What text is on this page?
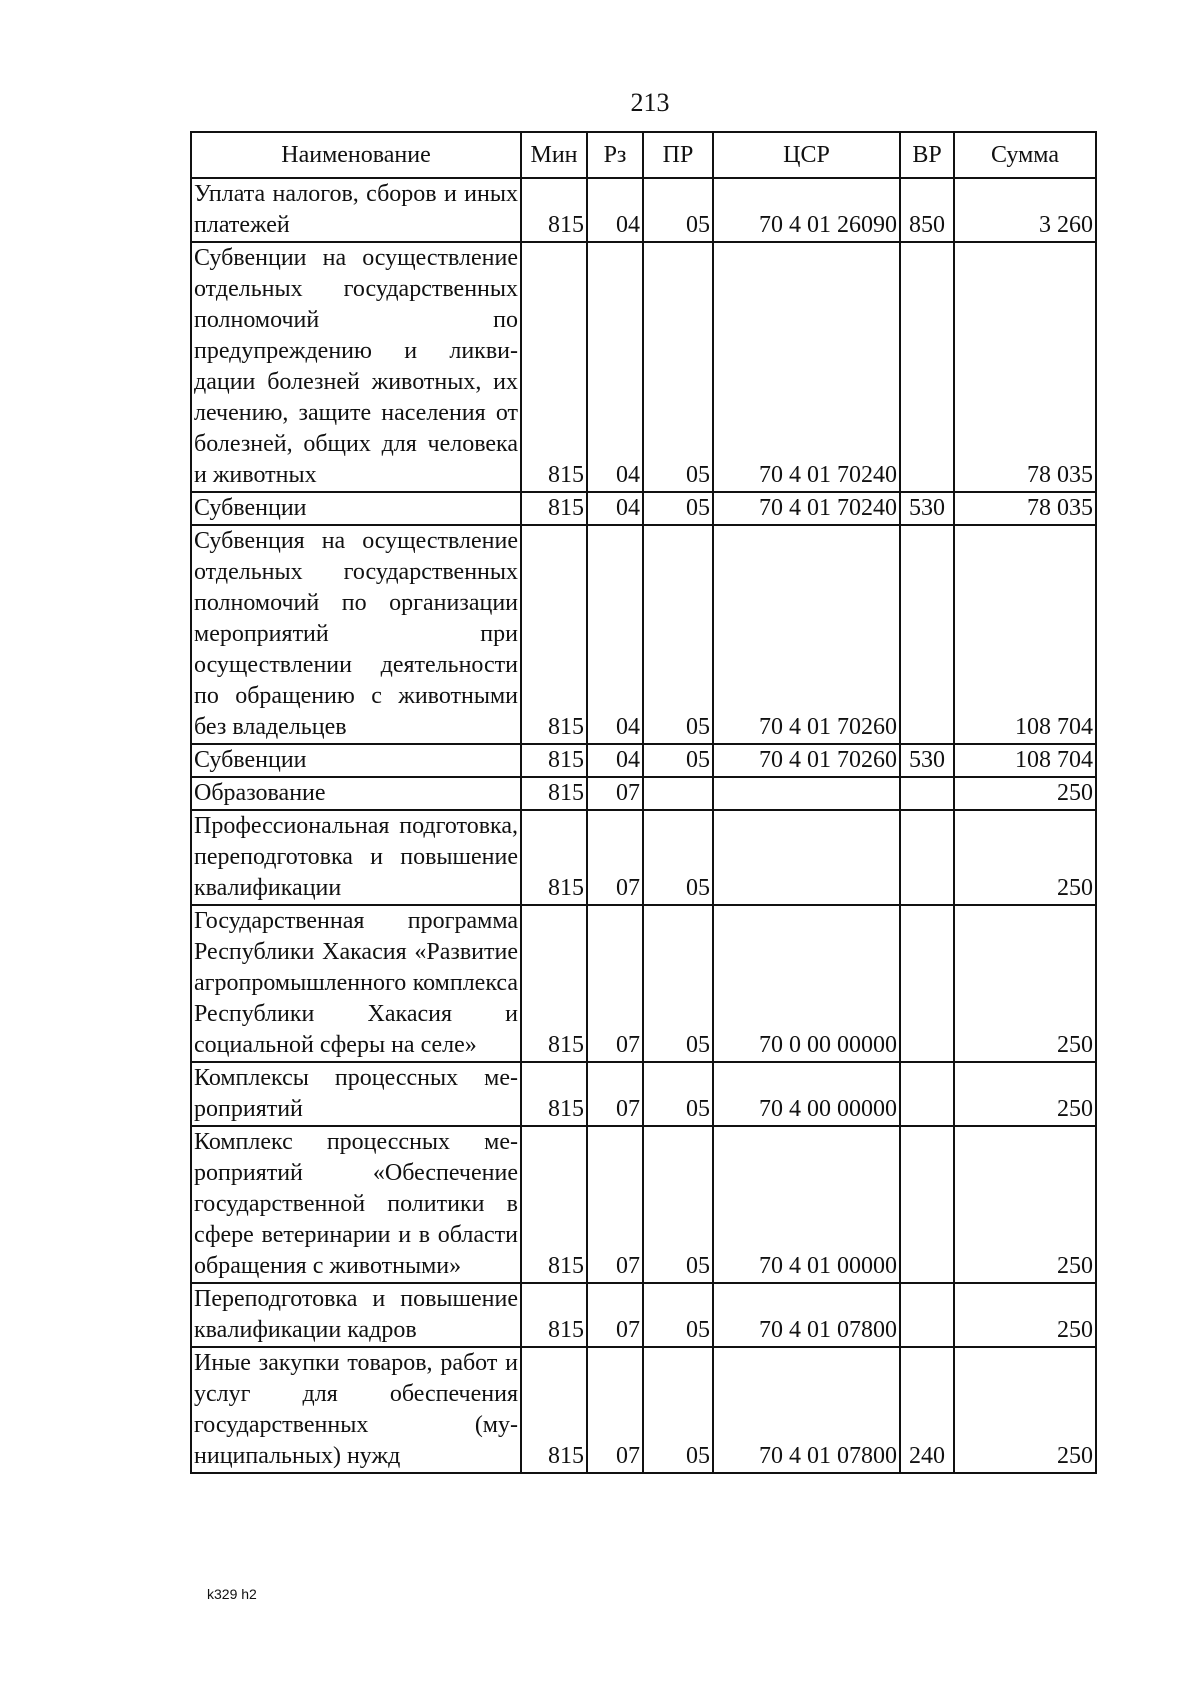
213
Наименование	Мин	Рз	ПР	ЦСР	ВР	Сумма
Уплата налогов, сборов и иных платежей	815	04	05	70 4 01 26090	850	3 260
Субвенции на осуществление отдельных государственных полномочий по предупреждению и ликвидации болезней животных, их лечению, защите населения от болезней, общих для человека и животных	815	04	05	70 4 01 70240		78 035
Субвенции	815	04	05	70 4 01 70240	530	78 035
Субвенция на осуществление отдельных государственных полномочий по организации мероприятий при осуществлении деятельности по обращению с животными без владельцев	815	04	05	70 4 01 70260		108 704
Субвенции	815	04	05	70 4 01 70260	530	108 704
Образование	815	07				250
Профессиональная подготовка, переподготовка и повышение квалификации	815	07	05			250
Государственная программа Республики Хакасия «Развитие агропромышленного комплекса Республики Хакасия и социальной сферы на селе»	815	07	05	70 0 00 00000		250
Комплексы процессных мероприятий	815	07	05	70 4 00 00000		250
Комплекс процессных мероприятий «Обеспечение государственной политики в сфере ветеринарии и в области обращения с животными»	815	07	05	70 4 01 00000		250
Переподготовка и повышение квалификации кадров	815	07	05	70 4 01 07800		250
Иные закупки товаров, работ и услуг для обеспечения государственных (муниципальных) нужд	815	07	05	70 4 01 07800	240	250
k329 h2
